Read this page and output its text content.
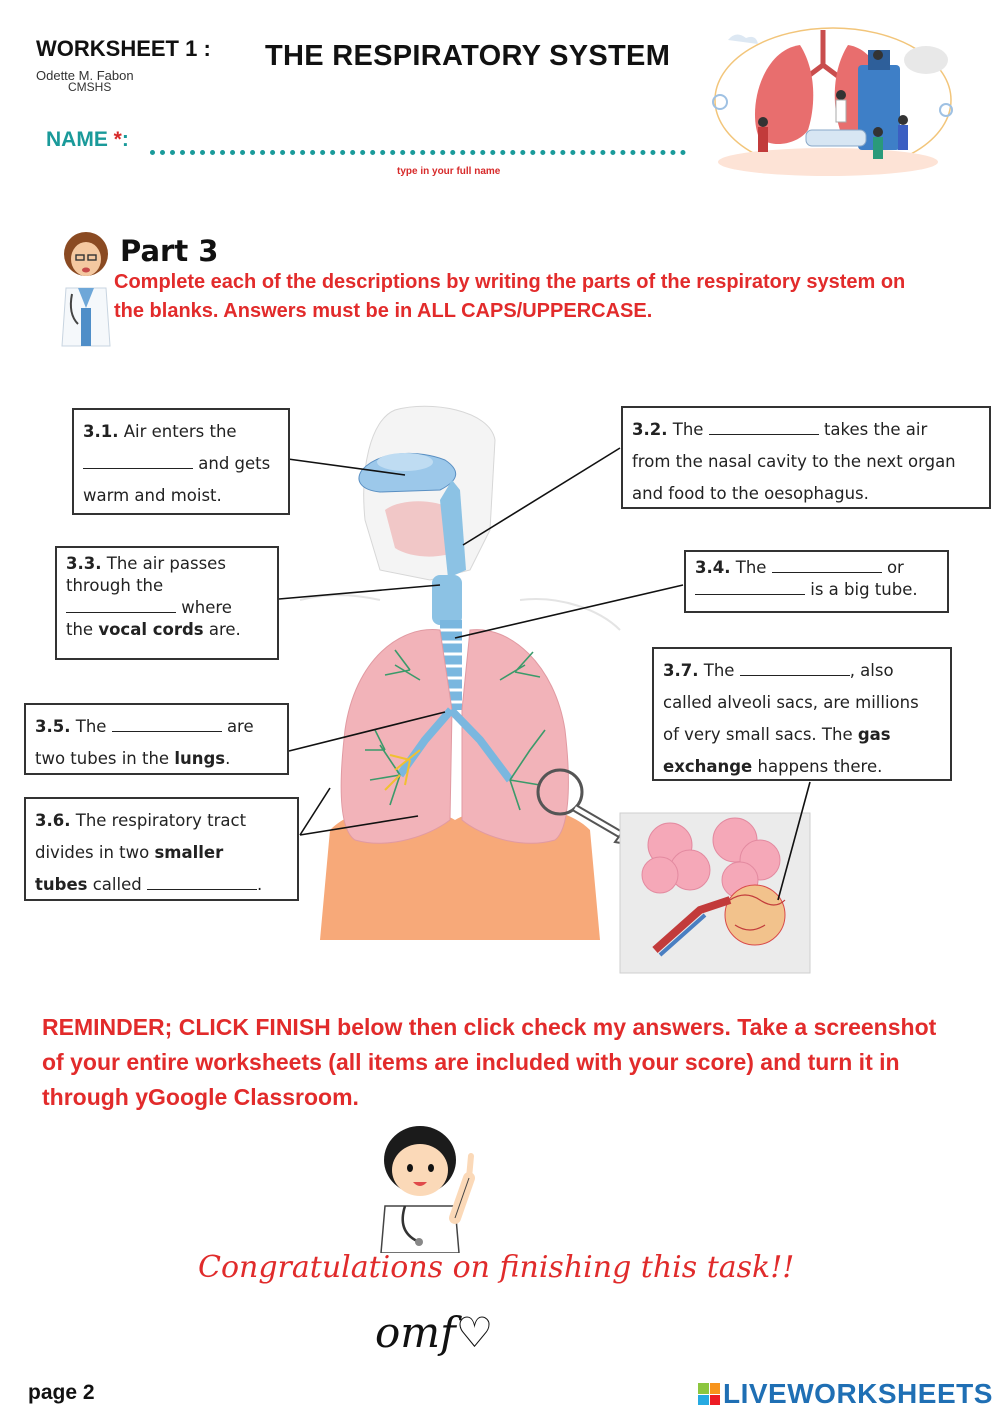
WORKSHEET 1 :
Odette M. Fabon
CMSHS
THE RESPIRATORY SYSTEM
NAME *:
type in your full name
Part 3
Complete each of the descriptions by writing the parts of the respiratory system on the blanks. Answers must be in ALL CAPS/UPPERCASE.
3.1. Air enters the
and gets
warm and moist.
3.2. The	takes the air
from the nasal cavity to the next organ
and food to the oesophagus.
3.3. The air passes
through the
where
the vocal cords are.
3.4. The	or
is a big tube.
3.7. The	, also
called alveoli sacs, are millions
of very small sacs. The gas
exchange happens there.
3.5. The	are
two tubes in the lungs.
3.6. The respiratory tract
divides in two smaller
tubes called	.
REMINDER; CLICK FINISH below then click check my answers. Take a screenshot of your entire worksheets (all items are included with your score) and turn it in through yGoogle Classroom.
Congratulations on finishing this task!!
omf♡
page 2	LIVEWORKSHEETS
